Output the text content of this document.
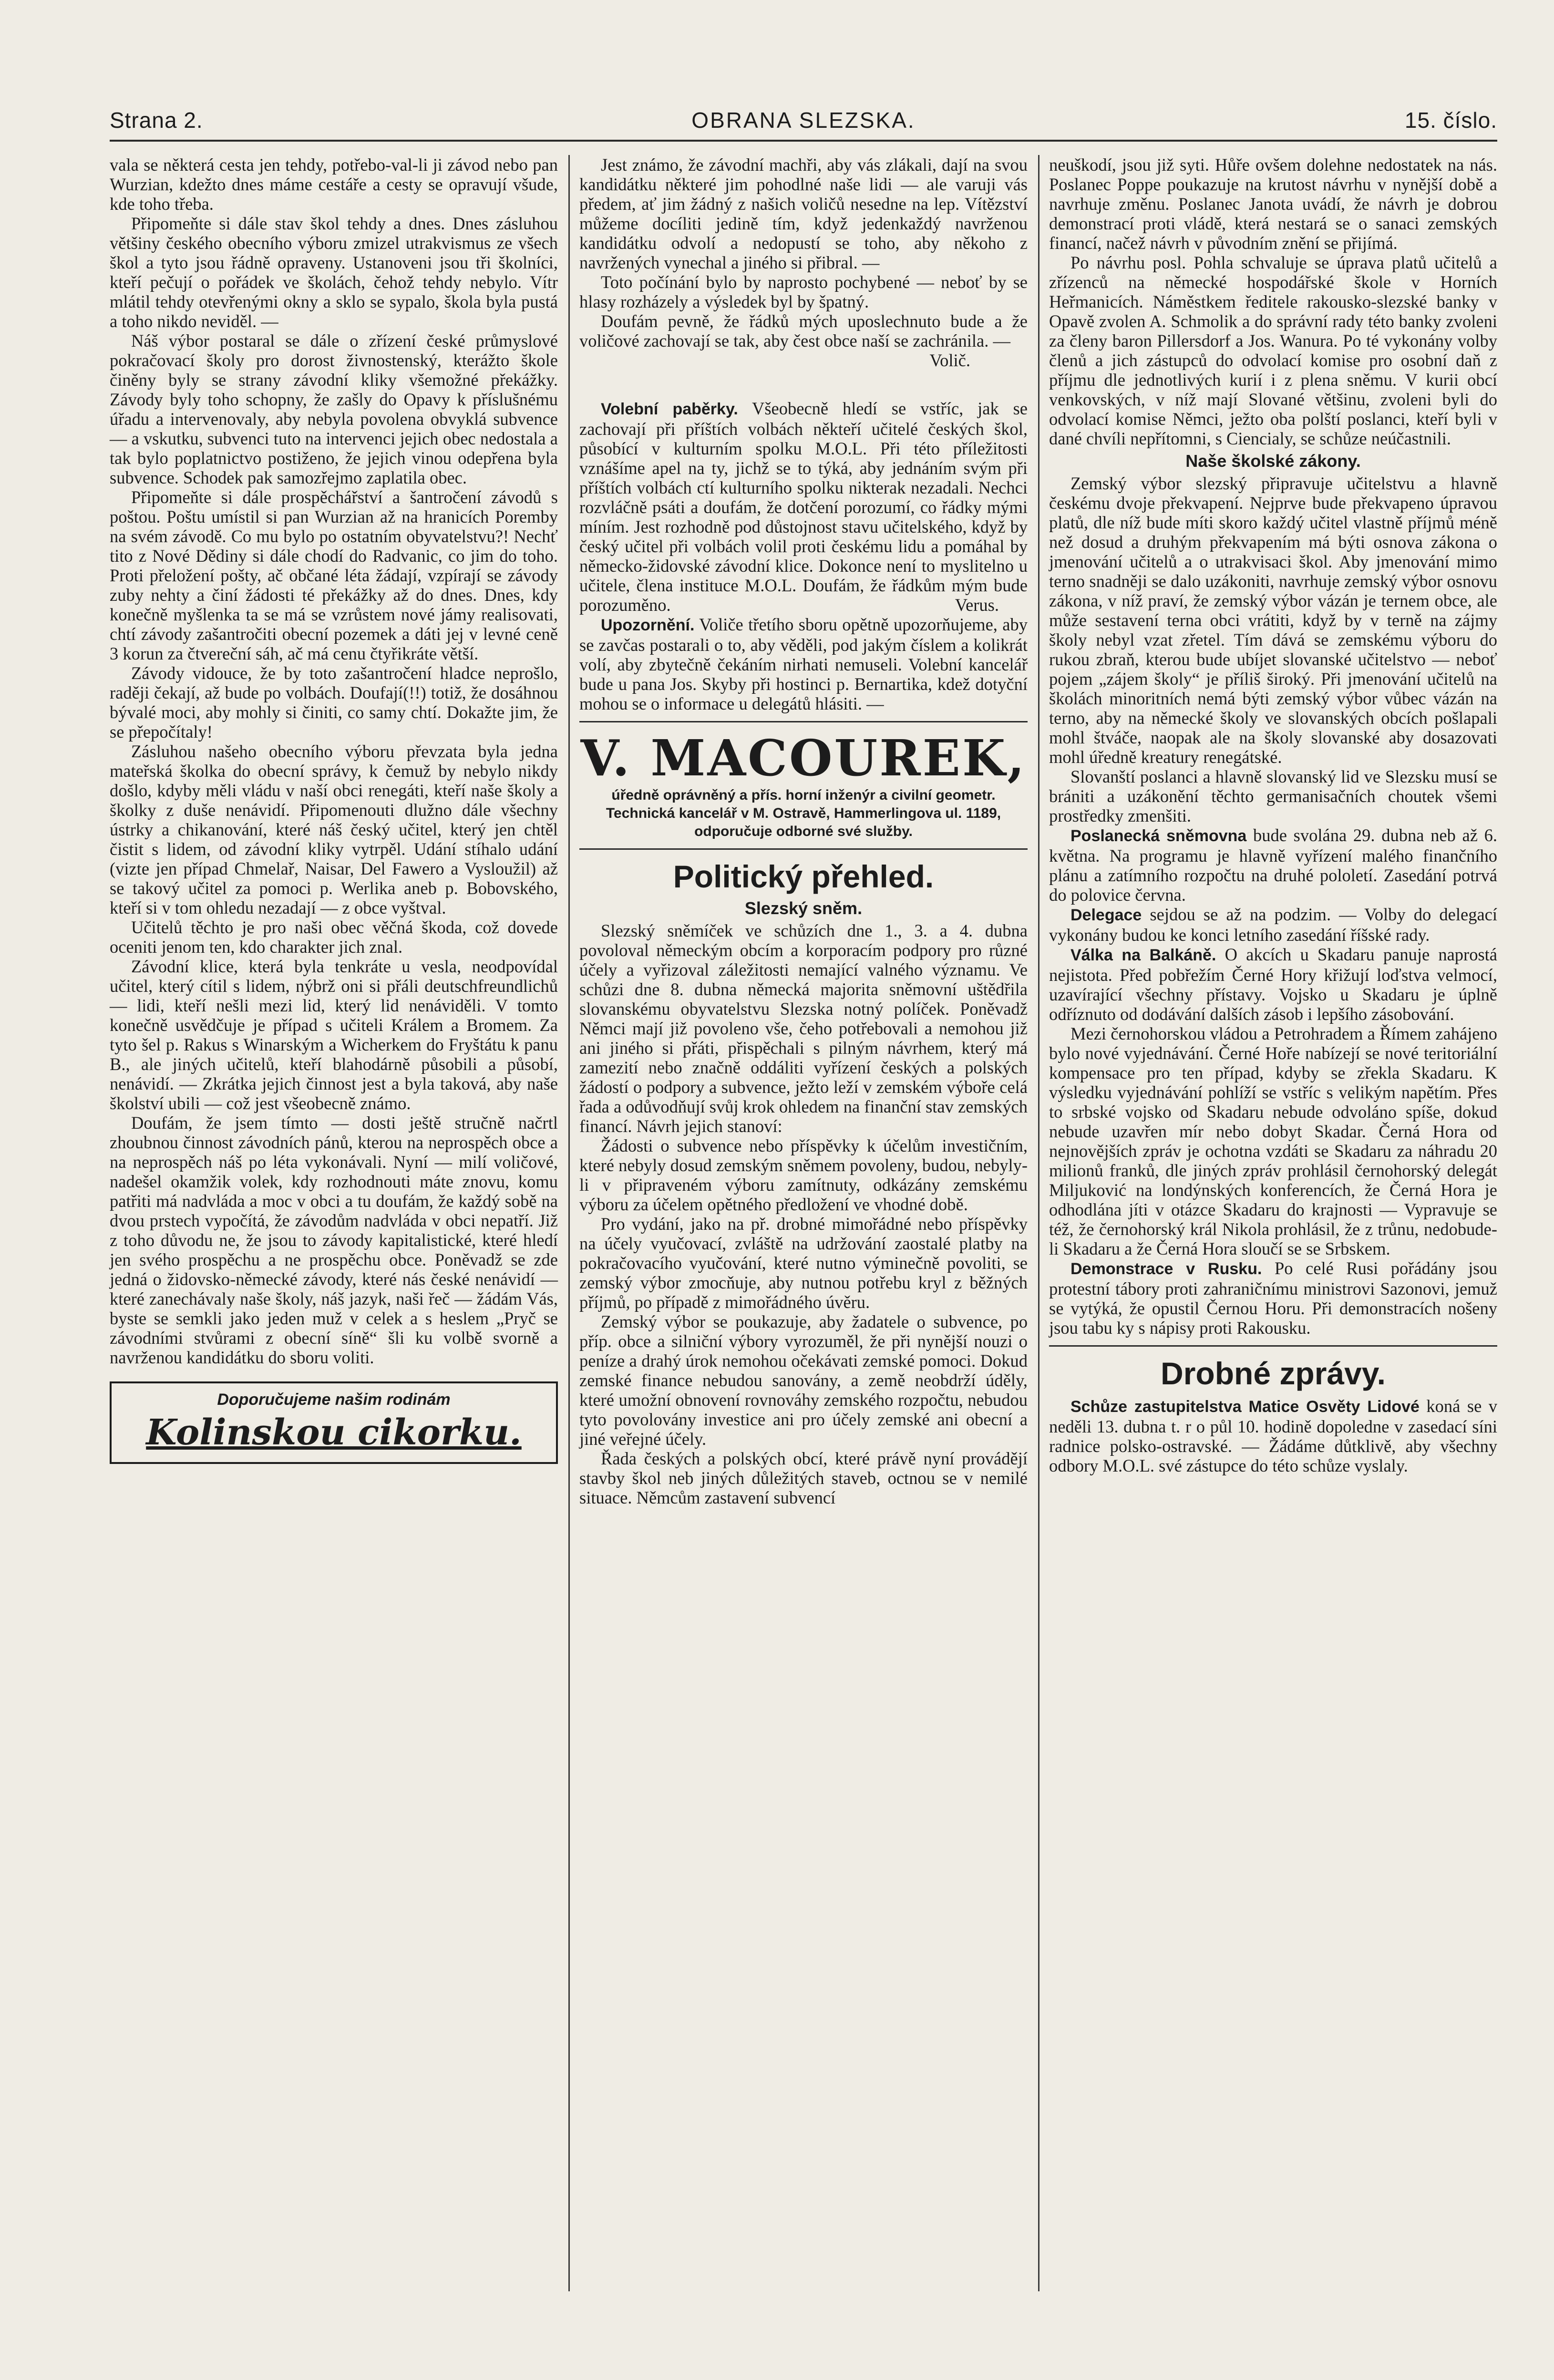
Strana 2.	OBRANA SLEZSKA.	15. číslo.

vala se některá cesta jen tehdy, potřebo-val-li ji závod nebo pan Wurzian, kdežto dnes máme cestáře a cesty se opravují všude, kde toho třeba.

Připomeňte si dále stav škol tehdy a dnes. Dnes zásluhou většiny českého obecního výboru zmizel utrakvismus ze všech škol a tyto jsou řádně opraveny. Ustanoveni jsou tři školníci, kteří pečují o pořádek ve školách, čehož tehdy nebylo. Vítr mlátil tehdy otevřenými okny a sklo se sypalo, škola byla pustá a toho nikdo neviděl. —

Náš výbor postaral se dále o zřízení české průmyslové pokračovací školy pro dorost živnostenský, kterážto škole činěny byly se strany závodní kliky všemožné překážky. Závody byly toho schopny, že zašly do Opavy k příslušnému úřadu a intervenovaly, aby nebyla povolena obvyklá subvence — a vskutku, subvenci tuto na intervenci jejich obec nedostala a tak bylo poplatnictvo postiženo, že jejich vinou odepřena byla subvence. Schodek pak samozřejmo zaplatila obec.

Připomeňte si dále prospěchářství a šantročení závodů s poštou. Poštu umístil si pan Wurzian až na hranicích Poremby na svém závodě. Co mu bylo po ostatním obyvatelstvu?! Nechť tito z Nové Dědiny si dále chodí do Radvanic, co jim do toho. Proti přeložení pošty, ač občané léta žádají, vzpírají se závody zuby nehty a činí žádosti té překážky až do dnes. Dnes, kdy konečně myšlenka ta se má se vzrůstem nové jámy realisovati, chtí závody zašantročiti obecní pozemek a dáti jej v levné ceně 3 korun za čtvereční sáh, ač má cenu čtyřikráte větší.

Závody vidouce, že by toto zašantročení hladce neprošlo, raději čekají, až bude po volbách. Doufají(!!) totiž, že dosáhnou bývalé moci, aby mohly si činiti, co samy chtí. Dokažte jim, že se přepočítaly!

Zásluhou našeho obecního výboru převzata byla jedna mateřská školka do obecní správy, k čemuž by nebylo nikdy došlo, kdyby měli vládu v naší obci renegáti, kteří naše školy a školky z duše nenávidí. Připomenouti dlužno dále všechny ústrky a chikanování, které náš český učitel, který jen chtěl čistit s lidem, od závodní kliky vytrpěl. Udání stíhalo udání (vizte jen případ Chmelař, Naisar, Del Fawero a Vysloužil) až se takový učitel za pomoci p. Werlika aneb p. Bobovského, kteří si v tom ohledu nezadají — z obce vyštval.

Učitelů těchto je pro naši obec věčná škoda, což dovede oceniti jenom ten, kdo charakter jich znal.

Závodní klice, která byla tenkráte u vesla, neodpovídal učitel, který cítil s lidem, nýbrž oni si přáli deutschfreundlichů — lidi, kteří nešli mezi lid, který lid nenáviděli. V tomto konečně usvědčuje je případ s učiteli Králem a Bromem. Za tyto šel p. Rakus s Winarským a Wicherkem do Fryštátu k panu B., ale jiných učitelů, kteří blahodárně působili a působí, nenávidí. — Zkrátka jejich činnost jest a byla taková, aby naše školství ubili — což jest všeobecně známo.

Doufám, že jsem tímto — dosti ještě stručně načrtl zhoubnou činnost závodních pánů, kterou na neprospěch obce a na neprospěch náš po léta vykonávali. Nyní — milí voličové, nadešel okamžik volek, kdy rozhodnouti máte znovu, komu patřiti má nadvláda a moc v obci a tu doufám, že každý sobě na dvou prstech vypočítá, že závodům nadvláda v obci nepatří. Již z toho důvodu ne, že jsou to závody kapitalistické, které hledí jen svého prospěchu a ne prospěchu obce. Poněvadž se zde jedná o židovsko-německé závody, které nás české nenávidí — které zanechávaly naše školy, náš jazyk, naši řeč — žádám Vás, byste se semkli jako jeden muž v celek a s heslem „Pryč se závodními stvůrami z obecní síně“ šli ku volbě svorně a navrženou kandidátku do sboru voliti.

Doporučujeme našim rodinám
Kolinskou cikorku.

Jest známo, že závodní machři, aby vás zlákali, dají na svou kandidátku některé jim pohodlné naše lidi — ale varuji vás předem, ať jim žádný z našich voličů nesedne na lep. Vítězství můžeme docíliti jedině tím, když jedenkaždý navrženou kandidátku odvolí a nedopustí se toho, aby někoho z navržených vynechal a jiného si přibral. —

Toto počínání bylo by naprosto pochybené — neboť by se hlasy rozházely a výsledek byl by špatný.

Doufám pevně, že řádků mých uposlechnuto bude a že voličové zachovají se tak, aby čest obce naší se zachránila. —

Volič.

Volební paběrky. Všeobecně hledí se vstříc, jak se zachovají při příštích volbách někteří učitelé českých škol, působící v kulturním spolku M.O.L. Při této příležitosti vznášíme apel na ty, jichž se to týká, aby jednáním svým při příštích volbách ctí kulturního spolku nikterak nezadali. Nechci rozvláčně psáti a doufám, že dotčení porozumí, co řádky mými míním. Jest rozhodně pod důstojnost stavu učitelského, když by český učitel při volbách volil proti českému lidu a pomáhal by německo-židovské závodní klice. Dokonce není to myslitelno u učitele, člena instituce M.O.L. Doufám, že řádkům mým bude porozuměno.	Verus.

Upozornění. Voliče třetího sboru opětně upozorňujeme, aby se zavčas postarali o to, aby věděli, pod jakým číslem a kolikrát volí, aby zbytečně čekáním nirhati nemuseli. Volební kancelář bude u pana Jos. Skyby při hostinci p. Bernartika, kdež dotyční mohou se o informace u delegátů hlásiti. —

V. MACOUREK,
úředně oprávněný a přís. horní inženýr a civilní geometr.
Technická kancelář v M. Ostravě, Hammerlingova ul. 1189,
odporučuje odborné své služby.
Politický přehled.
Slezský sněm.

Slezský sněmíček ve schůzích dne 1., 3. a 4. dubna povoloval německým obcím a korporacím podpory pro různé účely a vyřizoval záležitosti nemající valného významu. Ve schůzi dne 8. dubna německá majorita sněmovní uštědřila slovanskému obyvatelstvu Slezska notný políček. Poněvadž Němci mají již povoleno vše, čeho potřebovali a nemohou již ani jiného si přáti, přispěchali s pilným návrhem, který má zamezití nebo značně oddáliti vyřízení českých a polských žádostí o podpory a subvence, ježto leží v zemském výboře celá řada a odůvodňují svůj krok ohledem na finanční stav zemských financí. Návrh jejich stanoví:

Žádosti o subvence nebo příspěvky k účelům investičním, které nebyly dosud zemským sněmem povoleny, budou, nebyly-li v připraveném výboru zamítnuty, odkázány zemskému výboru za účelem opětného předložení ve vhodné době.

Pro vydání, jako na př. drobné mimořádné nebo příspěvky na účely vyučovací, zvláště na udržování zaostalé platby na pokračovacího vyučování, které nutno výminečně povoliti, se zemský výbor zmocňuje, aby nutnou potřebu kryl z běžných příjmů, po případě z mimořádného úvěru.

Zemský výbor se poukazuje, aby žadatele o subvence, po příp. obce a silniční výbory vyrozuměl, že při nynější nouzi o peníze a drahý úrok nemohou očekávati zemské pomoci. Dokud zemské finance nebudou sanovány, a země neobdrží úděly, které umožní obnovení rovnováhy zemského rozpočtu, nebudou tyto povolovány investice ani pro účely zemské ani obecní a jiné veřejné účely.

Řada českých a polských obcí, které právě nyní provádějí stavby škol neb jiných důležitých staveb, octnou se v nemilé situace. Němcům zastavení subvencí

neuškodí, jsou již syti. Hůře ovšem dolehne nedostatek na nás. Poslanec Poppe poukazuje na krutost návrhu v nynější době a navrhuje změnu. Poslanec Janota uvádí, že návrh je dobrou demonstrací proti vládě, která nestará se o sanaci zemských financí, načež návrh v původním znění se přijímá.

Po návrhu posl. Pohla schvaluje se úprava platů učitelů a zřízenců na německé hospodářské škole v Horních Heřmanicích. Náměstkem ředitele rakousko-slezské banky v Opavě zvolen A. Schmolik a do správní rady této banky zvoleni za členy baron Pillersdorf a Jos. Wanura. Po té vykonány volby členů a jich zástupců do odvolací komise pro osobní daň z příjmu dle jednotlivých kurií i z plena sněmu. V kurii obcí venkovských, v níž mají Slované většinu, zvoleni byli do odvolací komise Němci, ježto oba polští poslanci, kteří byli v dané chvíli nepřítomni, s Ciencialy, se schůze neúčastnili.

Naše školské zákony.

Zemský výbor slezský připravuje učitelstvu a hlavně českému dvoje překvapení. Nejprve bude překvapeno úpravou platů, dle níž bude míti skoro každý učitel vlastně příjmů méně než dosud a druhým překvapením má býti osnova zákona o jmenování učitelů a o utrakvisaci škol. Aby jmenování mimo terno snadněji se dalo uzákoniti, navrhuje zemský výbor osnovu zákona, v níž praví, že zemský výbor vázán je ternem obce, ale může sestavení terna obci vrátiti, když by v terně na zájmy školy nebyl vzat zřetel. Tím dává se zemskému výboru do rukou zbraň, kterou bude ubíjet slovanské učitelstvo — neboť pojem „zájem školy“ je příliš široký. Při jmenování učitelů na školách minoritních nemá býti zemský výbor vůbec vázán na terno, aby na německé školy ve slovanských obcích pošlapali mohl štváče, naopak ale na školy slovanské aby dosazovati mohl úředně kreatury renegátské.

Slovanští poslanci a hlavně slovanský lid ve Slezsku musí se brániti a uzákonění těchto germanisačních choutek všemi prostředky zmenšiti.

Poslanecká sněmovna bude svolána 29. dubna neb až 6. května. Na programu je hlavně vyřízení malého finančního plánu a zatímního rozpočtu na druhé pololetí. Zasedání potrvá do polovice června.

Delegace sejdou se až na podzim. — Volby do delegací vykonány budou ke konci letního zasedání říšské rady.

Válka na Balkáně. O akcích u Skadaru panuje naprostá nejistota. Před pobřežím Černé Hory křižují loďstva velmocí, uzavírající všechny přístavy. Vojsko u Skadaru je úplně odříznuto od dodávání dalších zásob i lepšího zásobování.

Mezi černohorskou vládou a Petrohradem a Římem zahájeno bylo nové vyjednávání. Černé Hoře nabízejí se nové teritoriální kompensace pro ten případ, kdyby se zřekla Skadaru. K výsledku vyjednávání pohlíží se vstříc s velikým napětím. Přes to srbské vojsko od Skadaru nebude odvoláno spíše, dokud nebude uzavřen mír nebo dobyt Skadar. Černá Hora od nejnovějších zpráv je ochotna vzdáti se Skadaru za náhradu 20 milionů franků, dle jiných zpráv prohlásil černohorský delegát Miljuković na londýnských konferencích, že Černá Hora je odhodlána jíti v otázce Skadaru do krajnosti — Vypravuje se též, že černohorský král Nikola prohlásil, že z trůnu, nedobude-li Skadaru a že Černá Hora sloučí se se Srbskem.

Demonstrace v Rusku. Po celé Rusi pořádány jsou protestní tábory proti zahraničnímu ministrovi Sazonovi, jemuž se vytýká, že opustil Černou Horu. Při demonstracích nošeny jsou tabu ky s nápisy proti Rakousku.

Drobné zprávy.

Schůze zastupitelstva Matice Osvěty Lidové koná se v neděli 13. dubna t. r o půl 10. hodině dopoledne v zasedací síni radnice polsko-ostravské. — Žádáme důtklivě, aby všechny odbory M.O.L. své zástupce do této schůze vyslaly.
